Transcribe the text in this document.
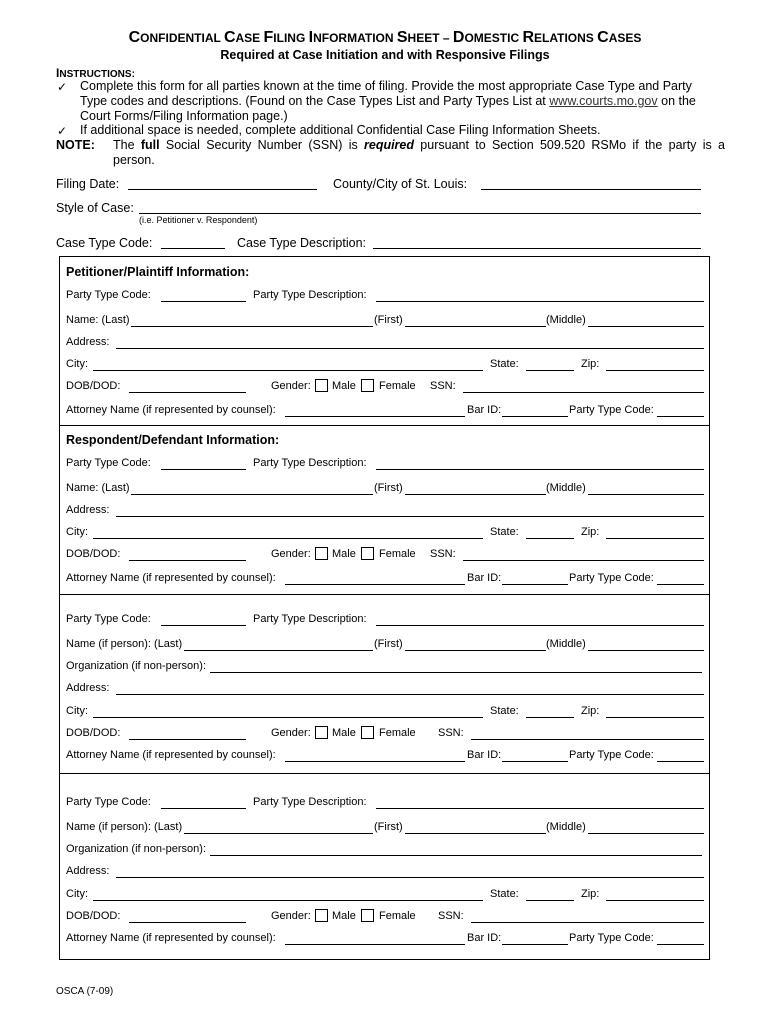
CONFIDENTIAL CASE FILING INFORMATION SHEET – DOMESTIC RELATIONS CASES
Required at Case Initiation and with Responsive Filings
INSTRUCTIONS:
✓ Complete this form for all parties known at the time of filing. Provide the most appropriate Case Type and Party
Type codes and descriptions. (Found on the Case Types List and Party Types List at www.courts.mo.gov on the
Court Forms/Filing Information page.)
✓ If additional space is needed, complete additional Confidential Case Filing Information Sheets.
NOTE: The full Social Security Number (SSN) is required pursuant to Section 509.520 RSMo if the party is a
person.
Filing Date:	County/City of St. Louis:
Style of Case:
(i.e. Petitioner v. Respondent)
Case Type Code:	Case Type Description:
Petitioner/Plaintiff Information:
Respondent/Defendant Information:
Party Type Code:	Party Type Description:
Name: (Last)	(First)	(Middle)
Address:
City:	State:	Zip:
DOB/DOD:	Gender: Male Female SSN:
Attorney Name (if represented by counsel):	Bar ID:	Party Type Code:
Party Type Code:	Party Type Description:
Name: (Last)	(First)	(Middle)
Address:
City:	State:	Zip:
DOB/DOD:	Gender: Male Female SSN:
Attorney Name (if represented by counsel):	Bar ID:	Party Type Code:
Party Type Code:	Party Type Description:
Name (if person): (Last)	(First)	(Middle)
Organization (if non-person):
Address:
City:	State:	Zip:
DOB/DOD:	Gender: Male Female SSN:
Attorney Name (if represented by counsel):	Bar ID:	Party Type Code:
Party Type Code:	Party Type Description:
Name (if person): (Last)	(First)	(Middle)
Organization (if non-person):
Address:
City:	State:	Zip:
DOB/DOD:	Gender: Male Female SSN:
Attorney Name (if represented by counsel):	Bar ID:	Party Type Code:
OSCA (7-09)
